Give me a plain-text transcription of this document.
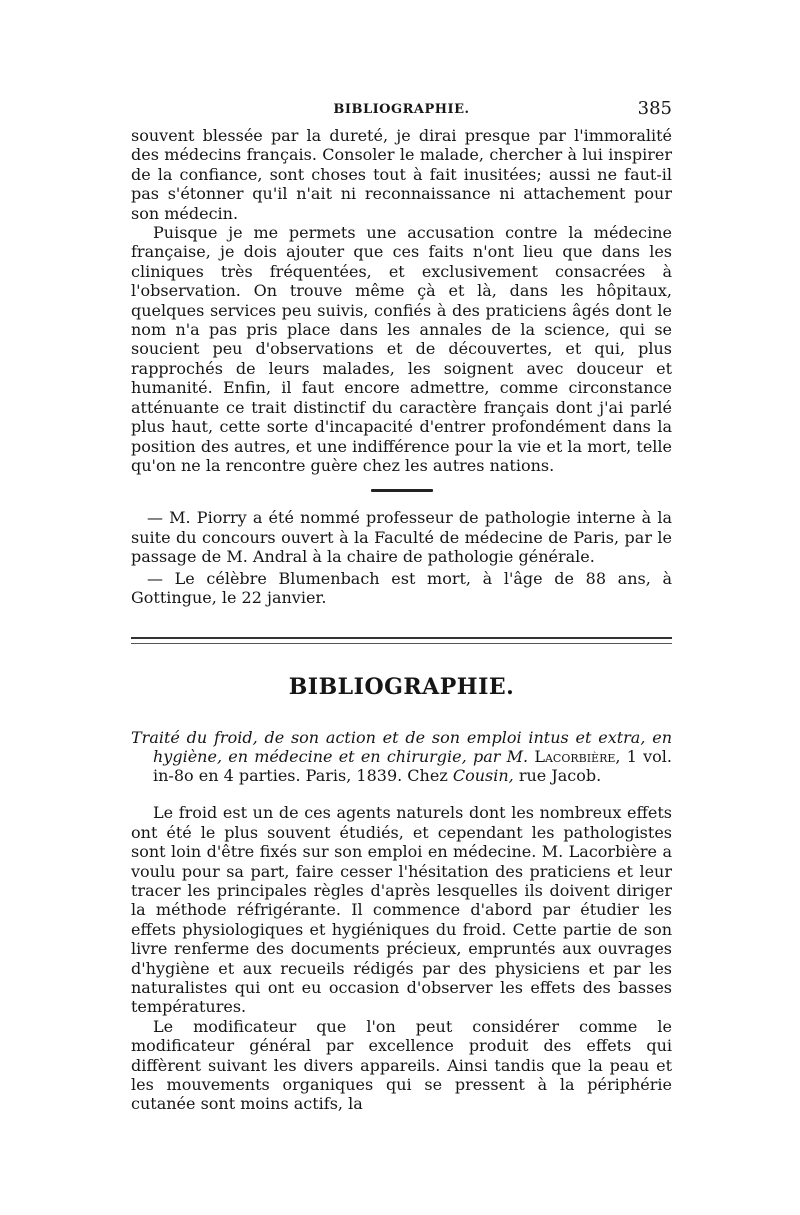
BIBLIOGRAPHIE.	385

souvent blessée par la dureté, je dirai presque par l'immoralité des médecins français. Consoler le malade, chercher à lui inspirer de la confiance, sont choses tout à fait inusitées; aussi ne faut-il pas s'étonner qu'il n'ait ni reconnaissance ni attachement pour son médecin.

Puisque je me permets une accusation contre la médecine française, je dois ajouter que ces faits n'ont lieu que dans les cliniques très fréquentées, et exclusivement consacrées à l'observation. On trouve même çà et là, dans les hôpitaux, quelques services peu suivis, confiés à des praticiens âgés dont le nom n'a pas pris place dans les annales de la science, qui se soucient peu d'observations et de découvertes, et qui, plus rapprochés de leurs malades, les soignent avec douceur et humanité. Enfin, il faut encore admettre, comme circonstance atténuante ce trait distinctif du caractère français dont j'ai parlé plus haut, cette sorte d'incapacité d'entrer profondément dans la position des autres, et une indifférence pour la vie et la mort, telle qu'on ne la rencontre guère chez les autres nations.

— M. Piorry a été nommé professeur de pathologie interne à la suite du concours ouvert à la Faculté de médecine de Paris, par le passage de M. Andral à la chaire de pathologie générale.

— Le célèbre Blumenbach est mort, à l'âge de 88 ans, à Gottingue, le 22 janvier.

BIBLIOGRAPHIE.

Traité du froid, de son action et de son emploi intus et extra, en hygiène, en médecine et en chirurgie, par M. Lacorbière, 1 vol. in-8o en 4 parties. Paris, 1839. Chez Cousin, rue Jacob.

Le froid est un de ces agents naturels dont les nombreux effets ont été le plus souvent étudiés, et cependant les pathologistes sont loin d'être fixés sur son emploi en médecine. M. Lacorbière a voulu pour sa part, faire cesser l'hésitation des praticiens et leur tracer les principales règles d'après lesquelles ils doivent diriger la méthode réfrigérante. Il commence d'abord par étudier les effets physiologiques et hygiéniques du froid. Cette partie de son livre renferme des documents précieux, empruntés aux ouvrages d'hygiène et aux recueils rédigés par des physiciens et par les naturalistes qui ont eu occasion d'observer les effets des basses températures.

Le modificateur que l'on peut considérer comme le modificateur général par excellence produit des effets qui diffèrent suivant les divers appareils. Ainsi tandis que la peau et les mouvements organiques qui se pressent à la périphérie cutanée sont moins actifs, la
